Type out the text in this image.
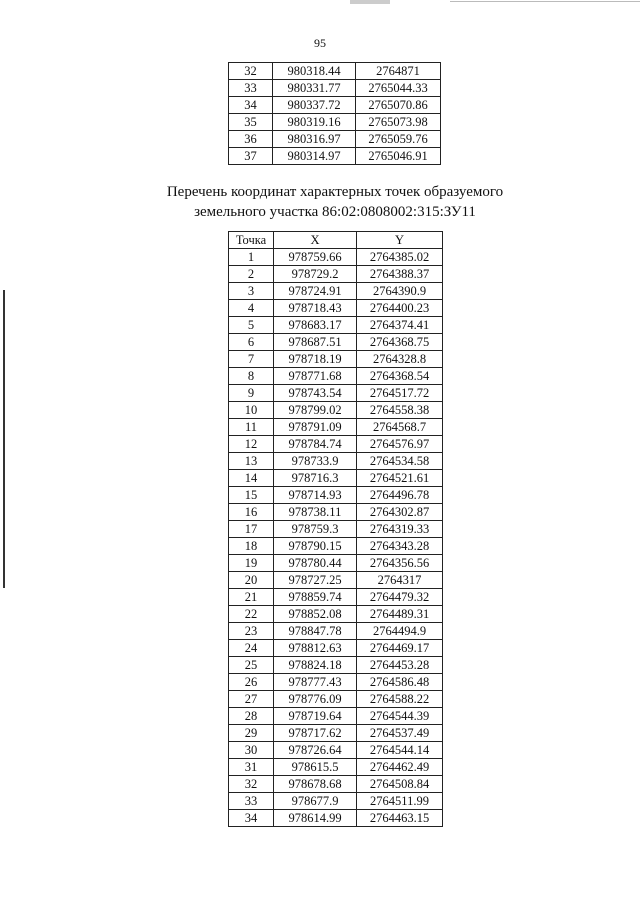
95
32	980318.44	2764871
33	980331.77	2765044.33
34	980337.72	2765070.86
35	980319.16	2765073.98
36	980316.97	2765059.76
37	980314.97	2765046.91
Перечень координат характерных точек образуемого
земельного участка 86:02:0808002:315:ЗУ11
Точка	X	Y
1	978759.66	2764385.02
2	978729.2	2764388.37
3	978724.91	2764390.9
4	978718.43	2764400.23
5	978683.17	2764374.41
6	978687.51	2764368.75
7	978718.19	2764328.8
8	978771.68	2764368.54
9	978743.54	2764517.72
10	978799.02	2764558.38
11	978791.09	2764568.7
12	978784.74	2764576.97
13	978733.9	2764534.58
14	978716.3	2764521.61
15	978714.93	2764496.78
16	978738.11	2764302.87
17	978759.3	2764319.33
18	978790.15	2764343.28
19	978780.44	2764356.56
20	978727.25	2764317
21	978859.74	2764479.32
22	978852.08	2764489.31
23	978847.78	2764494.9
24	978812.63	2764469.17
25	978824.18	2764453.28
26	978777.43	2764586.48
27	978776.09	2764588.22
28	978719.64	2764544.39
29	978717.62	2764537.49
30	978726.64	2764544.14
31	978615.5	2764462.49
32	978678.68	2764508.84
33	978677.9	2764511.99
34	978614.99	2764463.15
